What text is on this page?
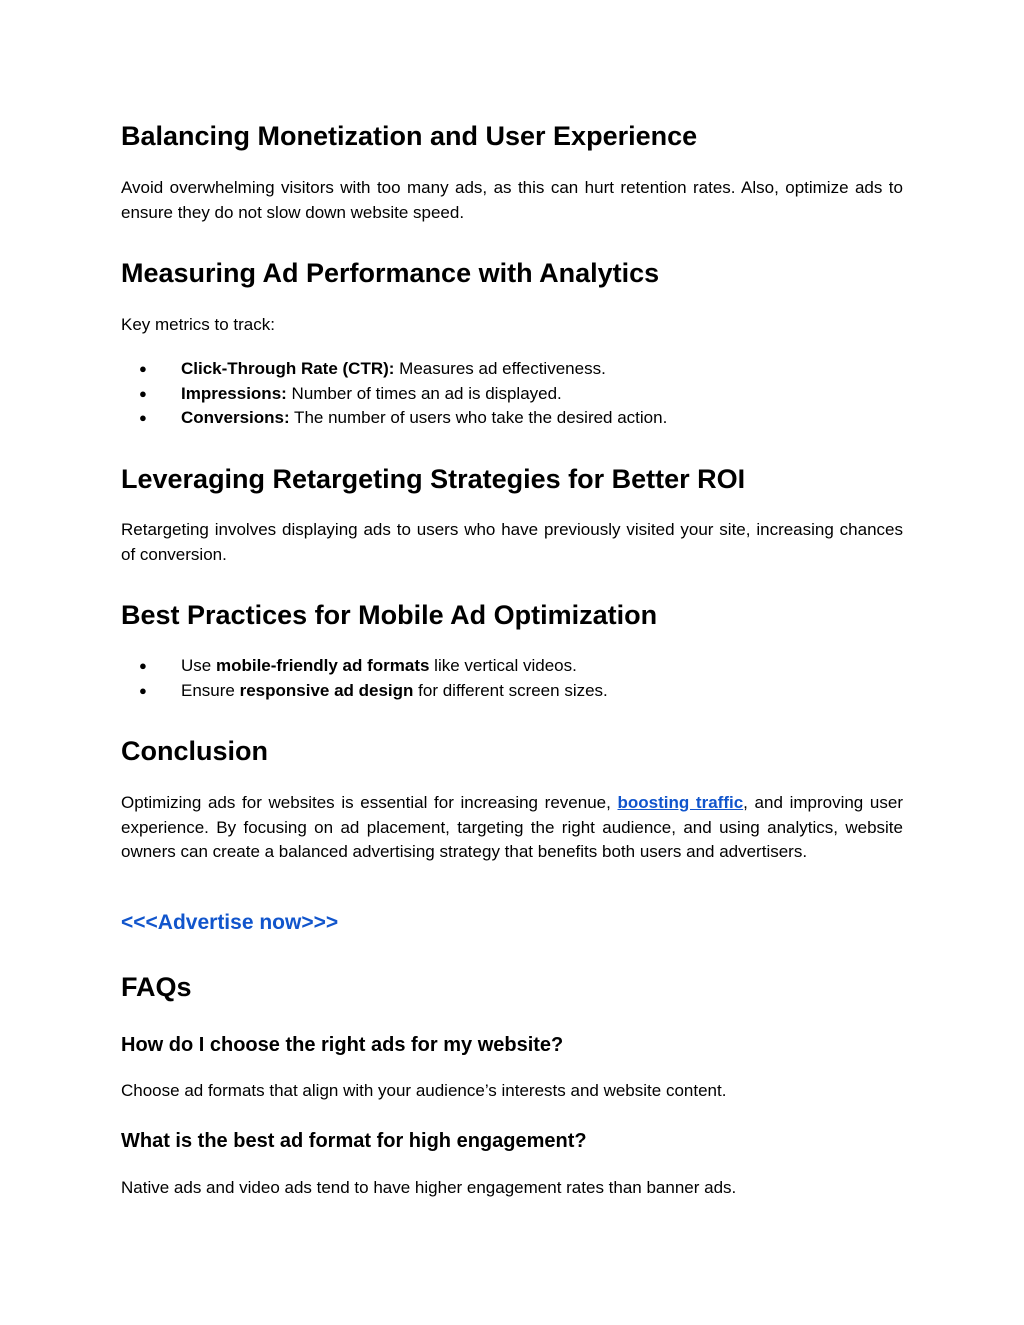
Balancing Monetization and User Experience

Avoid overwhelming visitors with too many ads, as this can hurt retention rates. Also, optimize ads to ensure they do not slow down website speed.

Measuring Ad Performance with Analytics

Key metrics to track:

● Click-Through Rate (CTR): Measures ad effectiveness.
● Impressions: Number of times an ad is displayed.
● Conversions: The number of users who take the desired action.
Leveraging Retargeting Strategies for Better ROI

Retargeting involves displaying ads to users who have previously visited your site, increasing chances of conversion.

Best Practices for Mobile Ad Optimization
● Use mobile-friendly ad formats like vertical videos.
● Ensure responsive ad design for different screen sizes.
Conclusion

Optimizing ads for websites is essential for increasing revenue, boosting traffic, and improving user experience. By focusing on ad placement, targeting the right audience, and using analytics, website owners can create a balanced advertising strategy that benefits both users and advertisers.

<<<Advertise now>>>
FAQs
How do I choose the right ads for my website?

Choose ad formats that align with your audience’s interests and website content.

What is the best ad format for high engagement?

Native ads and video ads tend to have higher engagement rates than banner ads.
